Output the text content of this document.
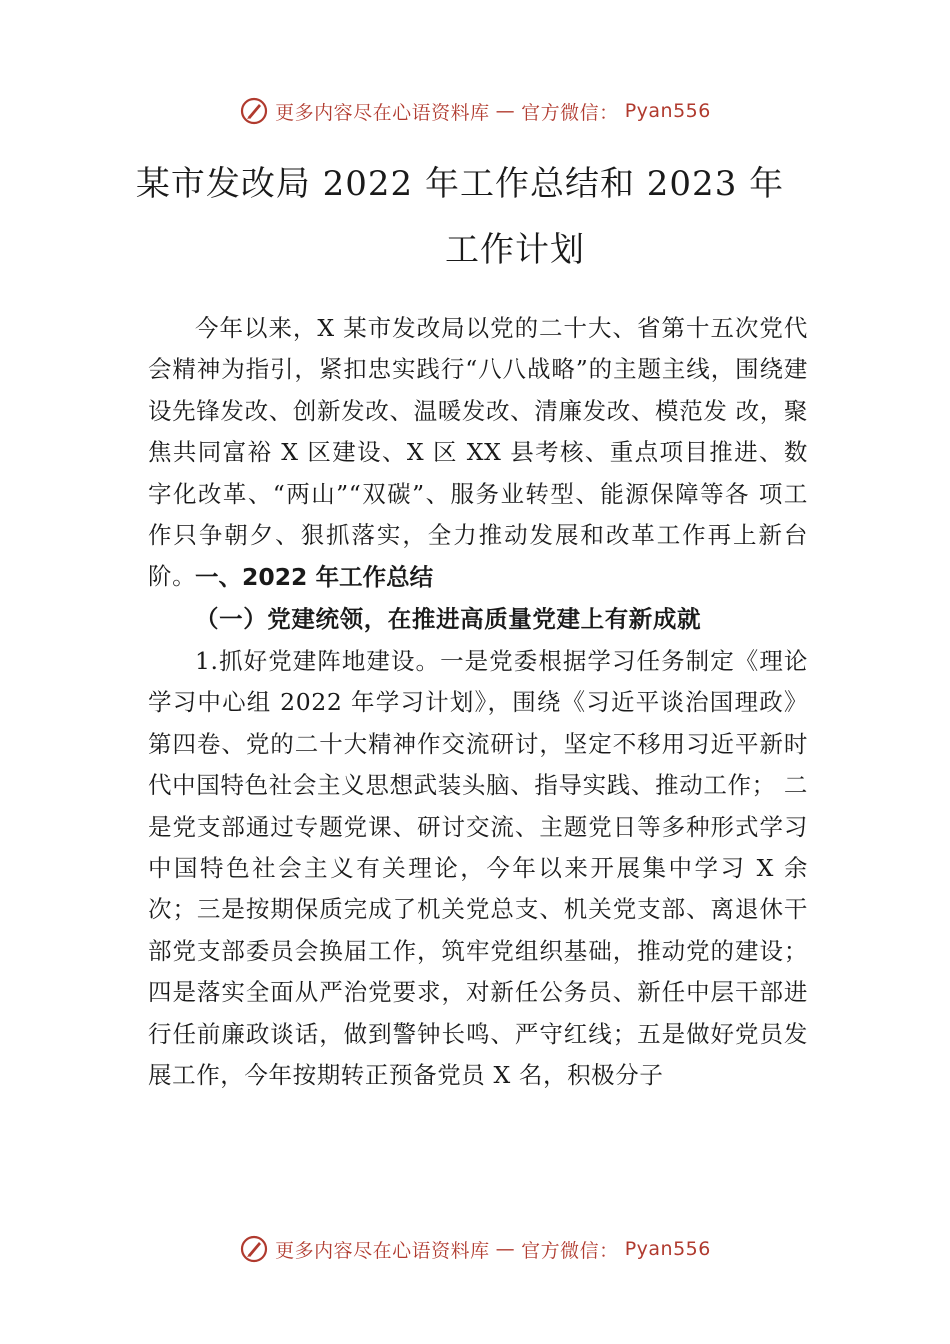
更多内容尽在心语资料库 — 官方微信： Pyan556
某市发改局 2022 年工作总结和 2023 年
工作计划

今年以来，X 某市发改局以党的二十大、省第十五次党代会精神为指引，紧扣忠实践行“八八战略”的主题主线，围绕建设先锋发改、创新发改、温暖发改、清廉发改、模范发 改，聚焦共同富裕 X 区建设、X 区 XX 县考核、重点项目推进、数字化改革、“两山”“双碳”、服务业转型、能源保障等各 项工作只争朝夕、狠抓落实，全力推动发展和改革工作再上新台阶。

一、2022 年工作总结
（一）党建统领，在推进高质量党建上有新成就

1.抓好党建阵地建设。一是党委根据学习任务制定《理论学习中心组 2022 年学习计划》，围绕《习近平谈治国理政》第四卷、党的二十大精神作交流研讨，坚定不移用习近平新时代中国特色社会主义思想武装头脑、指导实践、推动工作； 二是党支部通过专题党课、研讨交流、主题党日等多种形式学习中国特色社会主义有关理论，今年以来开展集中学习 X 余次；三是按期保质完成了机关党总支、机关党支部、离退休干部党支部委员会换届工作，筑牢党组织基础，推动党的建设；四是落实全面从严治党要求，对新任公务员、新任中层干部进行任前廉政谈话，做到警钟长鸣、严守红线；五是做好党员发展工作，今年按期转正预备党员 X 名，积极分子

更多内容尽在心语资料库 — 官方微信： Pyan556
